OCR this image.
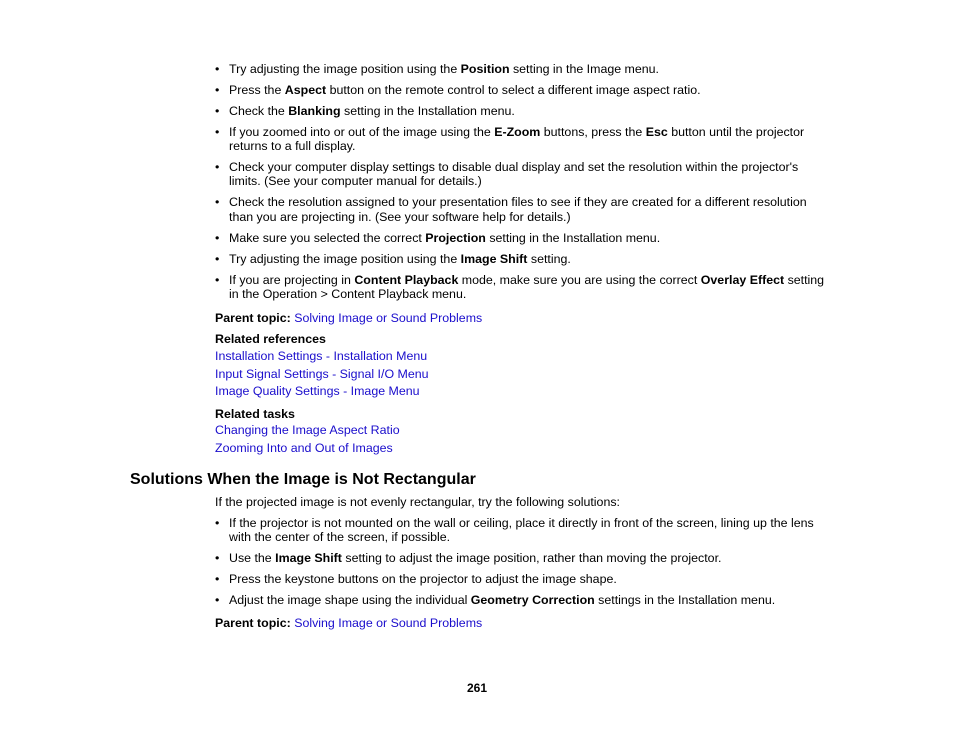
• Try adjusting the image position using the Position setting in the Image menu.
• Press the Aspect button on the remote control to select a different image aspect ratio.
• Check the Blanking setting in the Installation menu.
• If you zoomed into or out of the image using the E-Zoom buttons, press the Esc button until the projector returns to a full display.
• Check your computer display settings to disable dual display and set the resolution within the projector's limits. (See your computer manual for details.)
• Check the resolution assigned to your presentation files to see if they are created for a different resolution than you are projecting in. (See your software help for details.)
• Make sure you selected the correct Projection setting in the Installation menu.
• Try adjusting the image position using the Image Shift setting.
• If you are projecting in Content Playback mode, make sure you are using the correct Overlay Effect setting in the Operation > Content Playback menu.
Parent topic: Solving Image or Sound Problems
Related references
Installation Settings - Installation Menu
Input Signal Settings - Signal I/O Menu
Image Quality Settings - Image Menu
Related tasks
Changing the Image Aspect Ratio
Zooming Into and Out of Images
Solutions When the Image is Not Rectangular
If the projected image is not evenly rectangular, try the following solutions:
• If the projector is not mounted on the wall or ceiling, place it directly in front of the screen, lining up the lens with the center of the screen, if possible.
• Use the Image Shift setting to adjust the image position, rather than moving the projector.
• Press the keystone buttons on the projector to adjust the image shape.
• Adjust the image shape using the individual Geometry Correction settings in the Installation menu.
Parent topic: Solving Image or Sound Problems
261
